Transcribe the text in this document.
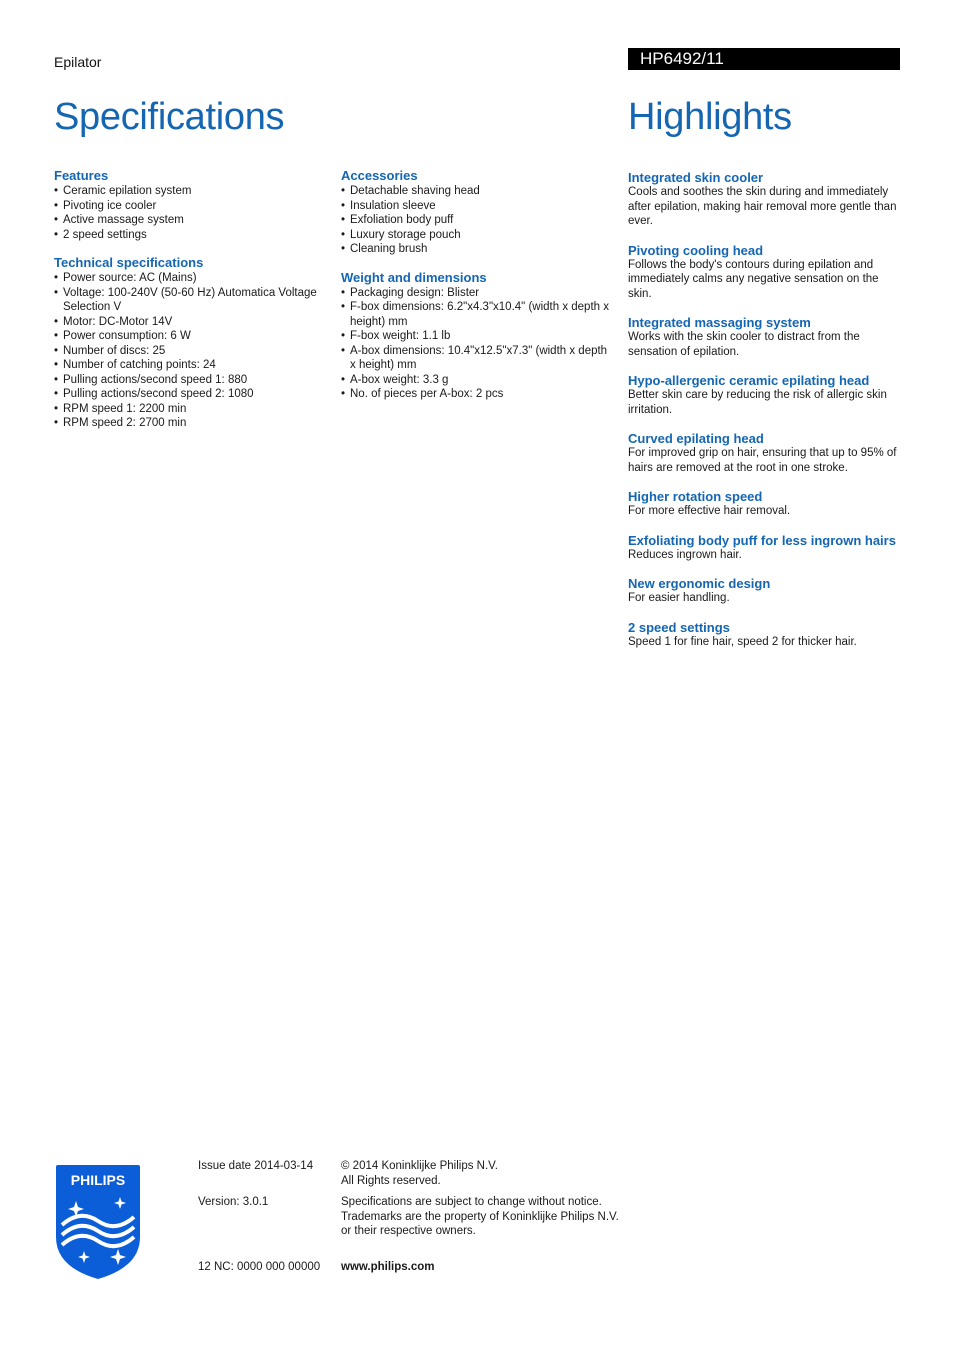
Epilator	HP6492/11
Specifications	Highlights
Features
• Ceramic epilation system
• Pivoting ice cooler
• Active massage system
• 2 speed settings
Technical specifications
• Power source: AC (Mains)
• Voltage: 100-240V (50-60 Hz) Automatica Voltage Selection V
• Motor: DC-Motor 14V
• Power consumption: 6 W
• Number of discs: 25
• Number of catching points: 24
• Pulling actions/second speed 1: 880
• Pulling actions/second speed 2: 1080
• RPM speed 1: 2200 min
• RPM speed 2: 2700 min
Accessories
• Detachable shaving head
• Insulation sleeve
• Exfoliation body puff
• Luxury storage pouch
• Cleaning brush
Weight and dimensions
• Packaging design: Blister
• F-box dimensions: 6.2"x4.3"x10.4" (width x depth x height) mm
• F-box weight: 1.1 lb
• A-box dimensions: 10.4"x12.5"x7.3" (width x depth x height) mm
• A-box weight: 3.3 g
• No. of pieces per A-box: 2 pcs
Integrated skin cooler
Cools and soothes the skin during and immediately after epilation, making hair removal more gentle than ever.
Pivoting cooling head
Follows the body's contours during epilation and immediately calms any negative sensation on the skin.
Integrated massaging system
Works with the skin cooler to distract from the sensation of epilation.
Hypo-allergenic ceramic epilating head
Better skin care by reducing the risk of allergic skin irritation.
Curved epilating head
For improved grip on hair, ensuring that up to 95% of hairs are removed at the root in one stroke.
Higher rotation speed
For more effective hair removal.
Exfoliating body puff for less ingrown hairs
Reduces ingrown hair.
New ergonomic design
For easier handling.
2 speed settings
Speed 1 for fine hair, speed 2 for thicker hair.
PHILIPS
Issue date 2014-03-14
Version: 3.0.1
12 NC: 0000 000 00000
© 2014 Koninklijke Philips N.V.
All Rights reserved.
Specifications are subject to change without notice.
Trademarks are the property of Koninklijke Philips N.V.
or their respective owners.
www.philips.com
